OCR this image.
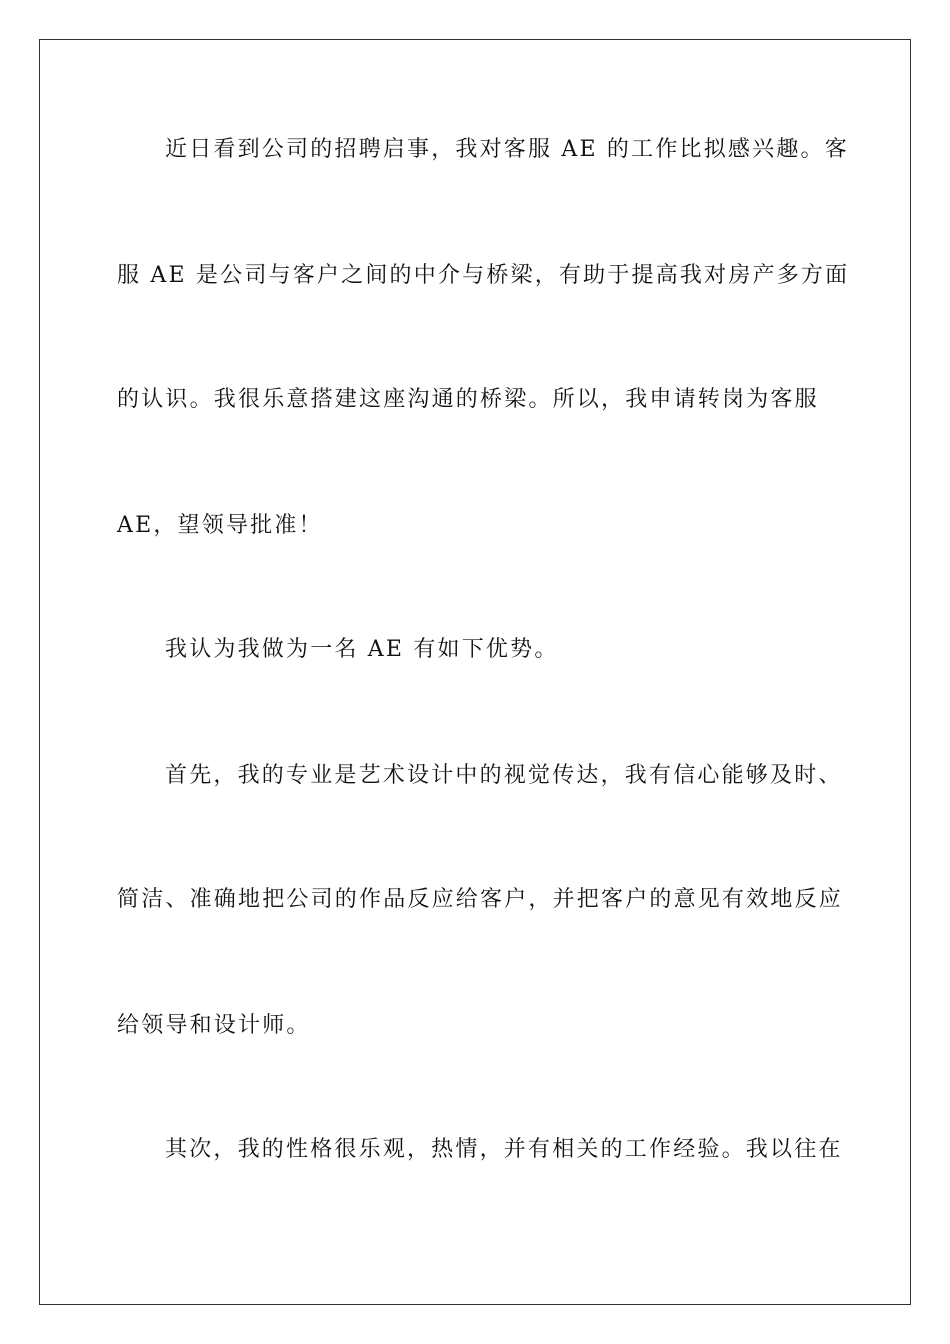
近日看到公司的招聘启事，我对客服 AE 的工作比拟感兴趣。客
服 AE 是公司与客户之间的中介与桥梁，有助于提高我对房产多方面
的认识。我很乐意搭建这座沟通的桥梁。所以，我申请转岗为客服
AE，望领导批准！
我认为我做为一名 AE 有如下优势。
首先，我的专业是艺术设计中的视觉传达，我有信心能够及时、
简洁、准确地把公司的作品反应给客户，并把客户的意见有效地反应
给领导和设计师。
其次，我的性格很乐观，热情，并有相关的工作经验。我以往在
